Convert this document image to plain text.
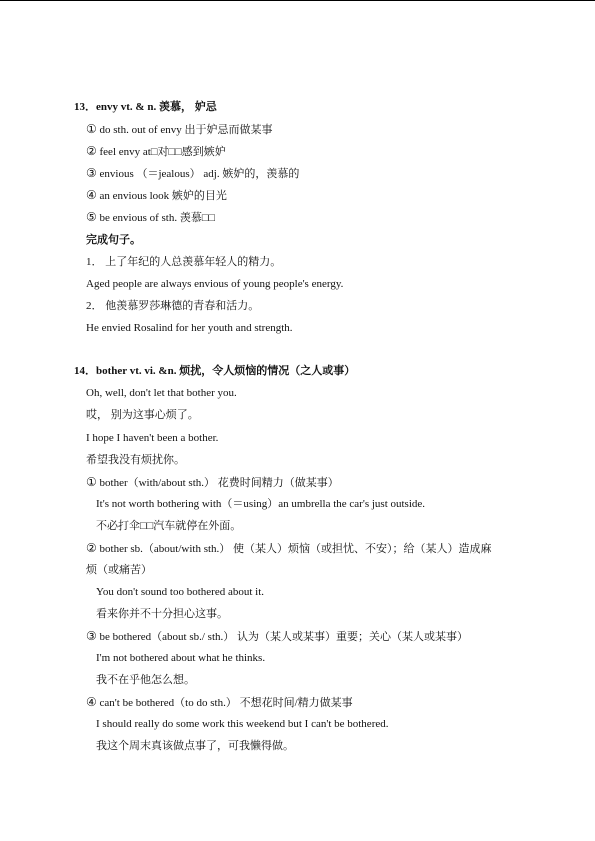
13．envy vt. & n. 羡慕， 妒忌
① do sth. out of envy 出于妒忌而做某事
② feel envy at□对□□感到嫉妒
③ envious （＝jealous） adj. 嫉妒的，羡慕的
④ an envious look 嫉妒的目光
⑤ be envious of sth. 羡慕□□
完成句子。
1． 上了年纪的人总羡慕年轻人的精力。
Aged people are always envious of young people's energy.
2． 他羡慕罗莎琳德的青春和活力。
He envied Rosalind for her youth and strength.
14．bother vt. vi. &n. 烦扰，令人烦恼的情况（之人或事）
Oh, well, don't let that bother you.
哎， 别为这事心烦了。
I hope I haven't been a bother.
希望我没有烦扰你。
① bother（with/about sth.） 花费时间精力（做某事）
It's not worth bothering with（＝using）an umbrella the car's just outside.
不必打伞□□汽车就停在外面。
② bother sb.（about/with sth.） 使（某人）烦恼（或担忧、不安）；给（某人）造成麻
烦（或痛苦）
You don't sound too bothered about it.
看来你并不十分担心这事。
③ be bothered（about sb./ sth.） 认为（某人或某事）重要；关心（某人或某事）
I'm not bothered about what he thinks.
我不在乎他怎么想。
④ can't be bothered（to do sth.） 不想花时间/精力做某事
I should really do some work this weekend but I can't be bothered.
我这个周末真该做点事了，可我懒得做。
